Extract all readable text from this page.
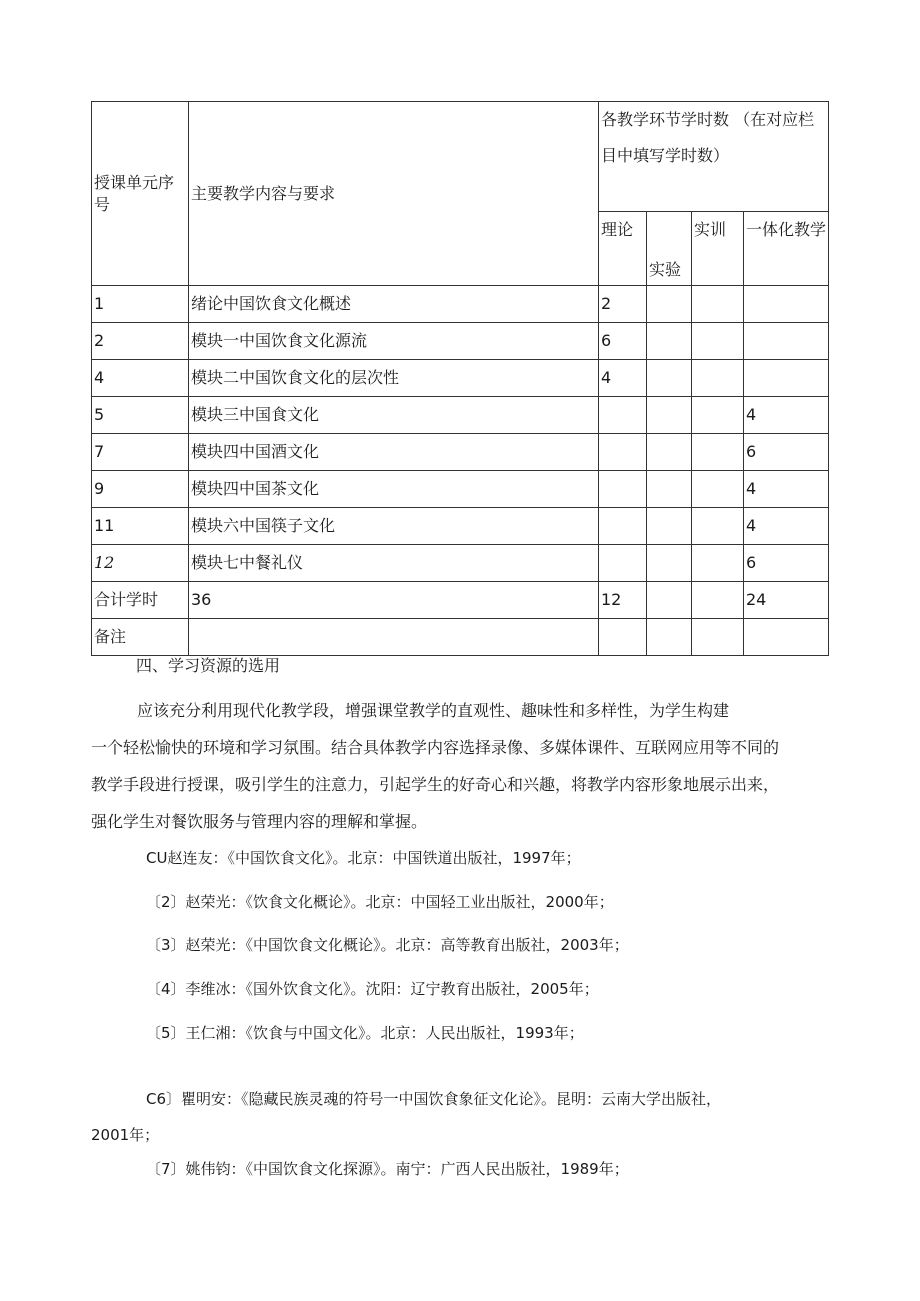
授课单元序号	主要教学内容与要求	各教学环节学时数 （在对应栏目中填写学时数）			
		理论	实验	实训	一体化教学
1	绪论中国饮食文化概述	2			
2	模块一中国饮食文化源流	6			
4	模块二中国饮食文化的层次性	4			
5	模块三中国食文化				4
7	模块四中国酒文化				6
9	模块四中国茶文化				4
11	模块六中国筷子文化				4
12	模块七中餐礼仪				6
合计学时	36	12			24
备注					
四、学习资源的选用
应该充分利用现代化教学段，增强课堂教学的直观性、趣味性和多样性，为学生构建
一个轻松愉快的环境和学习氛围。结合具体教学内容选择录像、多媒体课件、互联网应用等不同的
教学手段进行授课，吸引学生的注意力，引起学生的好奇心和兴趣，将教学内容形象地展示出来，
强化学生对餐饮服务与管理内容的理解和掌握。
CU赵连友：《中国饮食文化》。北京：中国铁道出版社，1997年；
〔2〕赵荣光：《饮食文化概论》。北京：中国轻工业出版社，2000年；
〔3〕赵荣光：《中国饮食文化概论》。北京：高等教育出版社，2003年；
〔4〕李维冰：《国外饮食文化》。沈阳：辽宁教育出版社，2005年；
〔5〕王仁湘：《饮食与中国文化》。北京：人民出版社，1993年；
C6〕瞿明安：《隐藏民族灵魂的符号一中国饮食象征文化论》。昆明：云南大学出版社，
2001年；
〔7〕姚伟钧：《中国饮食文化探源》。南宁：广西人民出版社，1989年；
